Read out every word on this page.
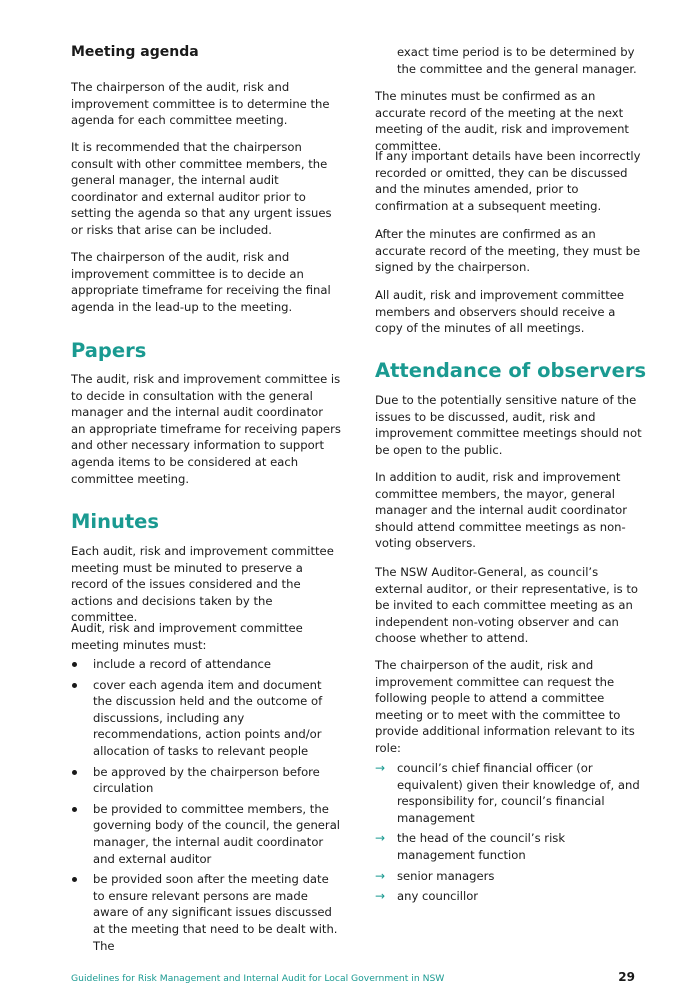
Meeting agenda

The chairperson of the audit, risk and improvement committee is to determine the agenda for each committee meeting.

It is recommended that the chairperson consult with other committee members, the general manager, the internal audit coordinator and external auditor prior to setting the agenda so that any urgent issues or risks that arise can be included.

The chairperson of the audit, risk and improvement committee is to decide an appropriate timeframe for receiving the final agenda in the lead-up to the meeting.

Papers

The audit, risk and improvement committee is to decide in consultation with the general manager and the internal audit coordinator an appropriate timeframe for receiving papers and other necessary information to support agenda items to be considered at each committee meeting.

Minutes

Each audit, risk and improvement committee meeting must be minuted to preserve a record of the issues considered and the actions and decisions taken by the committee.

Audit, risk and improvement committee meeting minutes must:

include a record of attendance
cover each agenda item and document the discussion held and the outcome of discussions, including any recommendations, action points and/or allocation of tasks to relevant people
be approved by the chairperson before circulation
be provided to committee members, the governing body of the council, the general manager, the internal audit coordinator and external auditor
be provided soon after the meeting date to ensure relevant persons are made aware of any significant issues discussed at the meeting that need to be dealt with. The

exact time period is to be determined by the committee and the general manager.

The minutes must be confirmed as an accurate record of the meeting at the next meeting of the audit, risk and improvement committee.

If any important details have been incorrectly recorded or omitted, they can be discussed and the minutes amended, prior to confirmation at a subsequent meeting.

After the minutes are confirmed as an accurate record of the meeting, they must be signed by the chairperson.

All audit, risk and improvement committee members and observers should receive a copy of the minutes of all meetings.

Attendance of observers

Due to the potentially sensitive nature of the issues to be discussed, audit, risk and improvement committee meetings should not be open to the public.

In addition to audit, risk and improvement committee members, the mayor, general manager and the internal audit coordinator should attend committee meetings as non-voting observers.

The NSW Auditor-General, as council’s external auditor, or their representative, is to be invited to each committee meeting as an independent non-voting observer and can choose whether to attend.

The chairperson of the audit, risk and improvement committee can request the following people to attend a committee meeting or to meet with the committee to provide additional information relevant to its role:

→ council’s chief financial officer (or equivalent) given their knowledge of, and responsibility for, council’s financial management
→ the head of the council’s risk management function
→ senior managers
→ any councillor
Guidelines for Risk Management and Internal Audit for Local Government in NSW	29
